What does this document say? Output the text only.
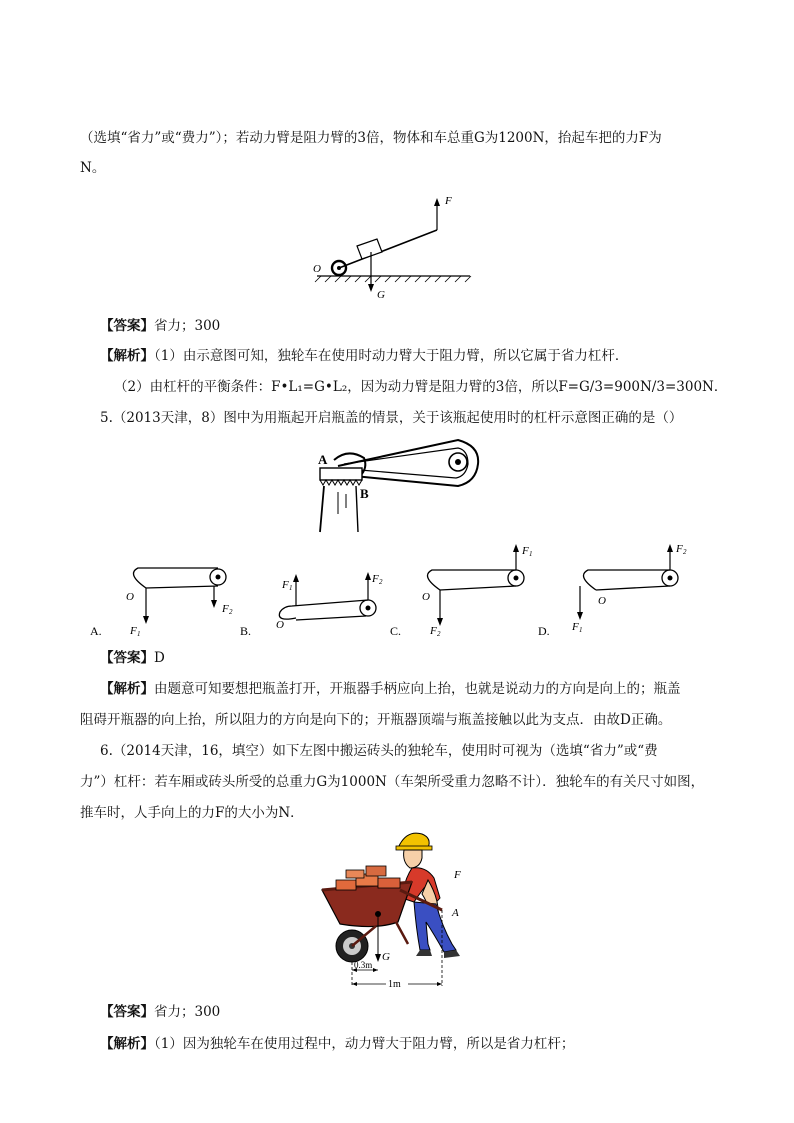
（选填“省力”或“费力”）；若动力臂是阻力臂的3倍，物体和车总重G为1200N，抬起车把的力F为
N。
O
F
G
【答案】省力；300
【解析】（1）由示意图可知，独轮车在使用时动力臂大于阻力臂，所以它属于省力杠杆．
（2）由杠杆的平衡条件：F•L₁=G•L₂，因为动力臂是阻力臂的3倍，所以F=G/3=900N/3=300N．
5.（2013天津，8）图中为用瓶起开启瓶盖的情景，关于该瓶起使用时的杠杆示意图正确的是（）
A
B
A.
O
F 1
F 2
B. O
F 1
F 2
C.
O
F 2
F 1
D.
O
F 1
F 2
【答案】D
【解析】由题意可知要想把瓶盖打开，开瓶器手柄应向上抬，也就是说动力的方向是向上的；瓶盖
阻碍开瓶器的向上抬，所以阻力的方向是向下的；开瓶器顶端与瓶盖接触以此为支点．由故D正确。
6.（2014天津，16，填空）如下左图中搬运砖头的独轮车，使用时可视为（选填“省力”或“费
力”）杠杆：若车厢或砖头所受的总重力G为1000N（车架所受重力忽略不计）．独轮车的有关尺寸如图，
推车时，人手向上的力F的大小为N．
F
A
G
0.3m
1m
【答案】省力；300
【解析】（1）因为独轮车在使用过程中，动力臂大于阻力臂，所以是省力杠杆；
